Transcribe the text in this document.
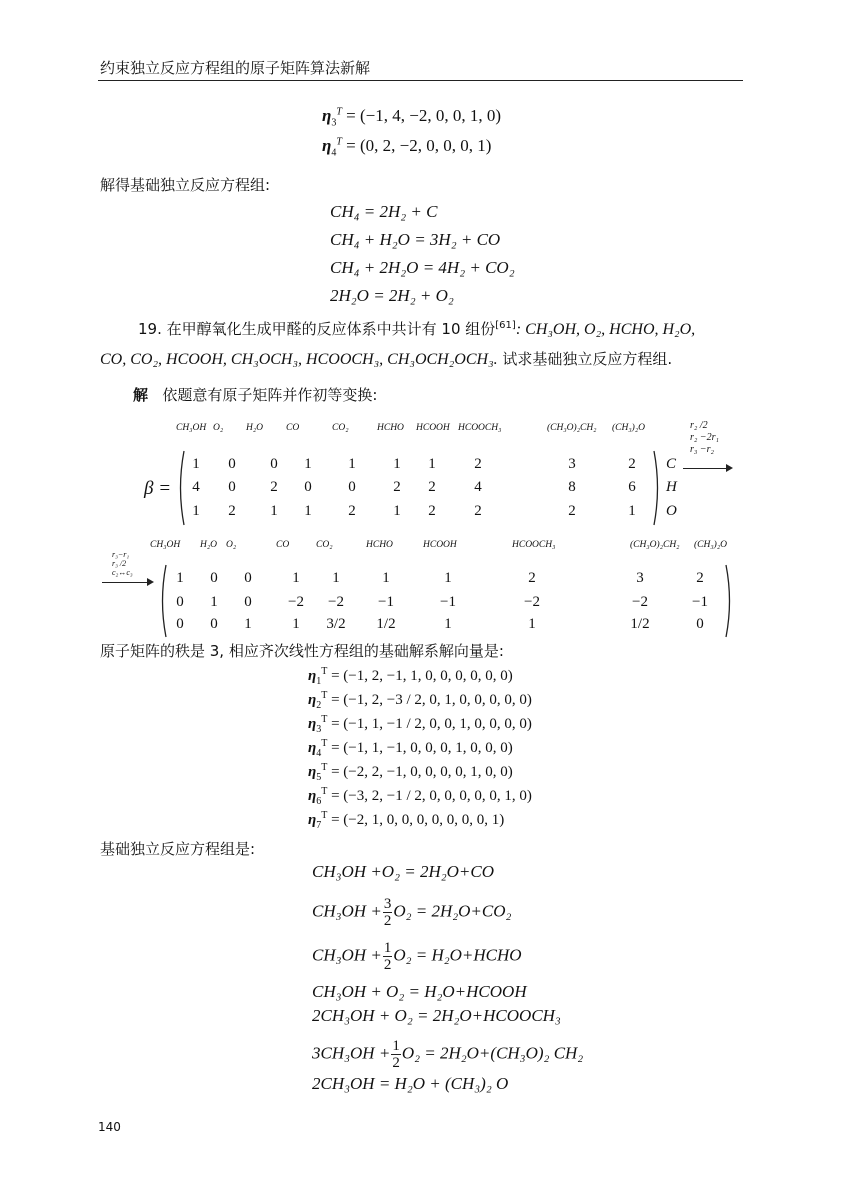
约束独立反应方程组的原子矩阵算法新解
$\eta_3^T = (-1$, 4, −2, 0, 0, 1, 0)
$\eta_4^T = (0$, 2, −2, 0, 0, 0, 1)
解得基础独立反应方程组:
CH₄ = 2H₂ + C
CH₄ + H₂O = 3H₂ + CO
CH₄ + 2H₂O = 4H₂ + CO₂
2H₂O = 2H₂ + O₂
19. 在甲醇氧化生成甲醛的反应体系中共计有 10 组份[61]: CH₃OH, O₂, HCHO, H₂O,
CO, CO₂, HCOOH, CH₃OCH₃, HCOOCH₃, CH₃OCH₂OCH₃. 试求基础独立反应方程组.
解 依题意有原子矩阵并作初等变换:
CH₃OH O₂ H₂O CO	CO₂	HCHO HCOOH HCOOCH₃	(CH₃O)₂CH₂ (CH₃)₂O
1	0	0	1	1	1	1	2	3	2
4	0	2	0	0	2	2	4	8	6
1	2	1	1	2	1	2	2	2	1
β =
C
H
O
r₂ /2
r₂ −2r₁
r₃ −r₂
CH₃OH H₂O O₂	CO	CO₂	HCHO	HCOOH	HCOOCH₃	(CH₃O)₂CH₂ (CH₃)₂O
1	0	0	1	1	1	1	2	3	2
0	1	0	−2	−2	−1	−1	−2	−2	−1
0	0	1	1	3/2	1/2	1	1	1/2	0
r₃−r₁
r₃ /2
c₂↔c₃
原子矩阵的秩是 3, 相应齐次线性方程组的基础解系解向量是:
$\eta_1^T = (-1$, 2, −1, 1, 0, 0, 0, 0, 0, 0)
$\eta_2^T = (-1$, 2, −3 / 2, 0, 1, 0, 0, 0, 0, 0)
$\eta_3^T = (-1$, 1, −1 / 2, 0, 0, 1, 0, 0, 0, 0)
$\eta_4^T = (-1$, 1, −1, 0, 0, 0, 1, 0, 0, 0)
$\eta_5^T = (-2$, 2, −1, 0, 0, 0, 0, 1, 0, 0)
$\eta_6^T = (-3$, 2, −1 / 2, 0, 0, 0, 0, 0, 1, 0)
$\eta_7^T = (-2$, 1, 0, 0, 0, 0, 0, 0, 0, 1)
基础独立反应方程组是:
CH₃OH +O₂ = 2H₂O+CO
$CH_3OH + \frac{3}{2} O_2 = 2H_2O+CO_2$
$CH_3OH + \frac{1}{2} O_2$ = H₂O+HCHO
CH₃OH + O₂ = H₂O+HCOOH
2CH₃OH + O₂ = 2H₂O+HCOOCH₃
$3CH_3OH + \frac{1}{2} O_2 = 2H_2O+(CH_3O)_2$ CH₂
2CH₃OH = H₂O + (CH₃)₂ O
140
